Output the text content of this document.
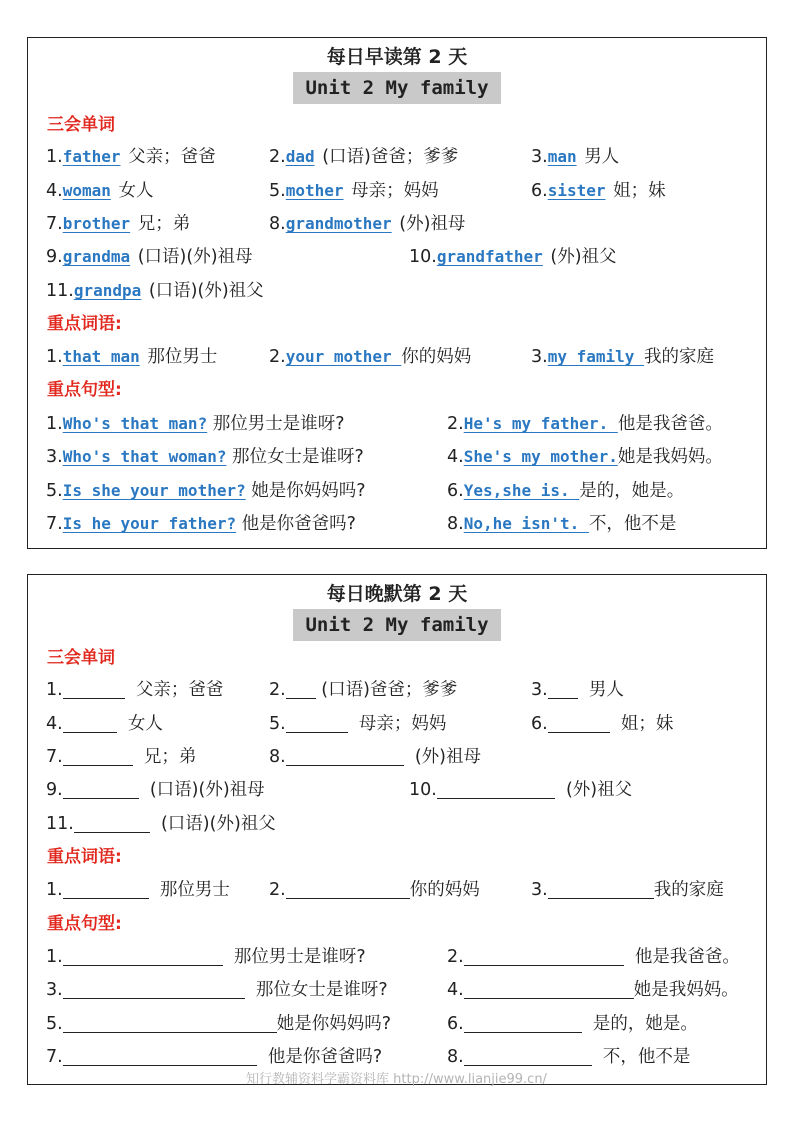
每日早读第 2 天
Unit 2 My family
三会单词
1.father 父亲；爸爸	2.dad (口语)爸爸；爹爹	3.man 男人
4.woman 女人	5.mother 母亲；妈妈	6.sister 姐；妹
7.brother 兄；弟	8.grandmother (外)祖母
9.grandma (口语)(外)祖母	10.grandfather (外)祖父
11.grandpa (口语)(外)祖父
重点词语:
1.that man 那位男士	2.your mother 你的妈妈	3.my family 我的家庭
重点句型:
1.Who's that man? 那位男士是谁呀?	2.He's my father. 他是我爸爸。
3.Who's that woman? 那位女士是谁呀?	4.She's my mother.她是我妈妈。
5.Is she your mother? 她是你妈妈吗?	6.Yes,she is. 是的，她是。
7.Is he your father? 他是你爸爸吗?	8.No,he isn't. 不，他不是
每日晚默第 2 天
Unit 2 My family
三会单词
1.	父亲；爸爸	2. (口语)爸爸；爹爹	3. 男人
4.	女人	5.	母亲；妈妈	6.	姐；妹
7.	兄；弟	8.	(外)祖母
9.	(口语)(外)祖母	10.	(外)祖父
11.	(口语)(外)祖父
重点词语:
1.	那位男士 2.	你的妈妈	3.	我的家庭
重点句型:
1.	那位男士是谁呀?	2.	他是我爸爸。
3.	那位女士是谁呀?	4.	她是我妈妈。
5.	她是你妈妈吗?	6.	是的，她是。
7.	他是你爸爸吗?	8.	不，他不是
知行教辅资料学霸资料库 http://www.lianjie99.cn/
